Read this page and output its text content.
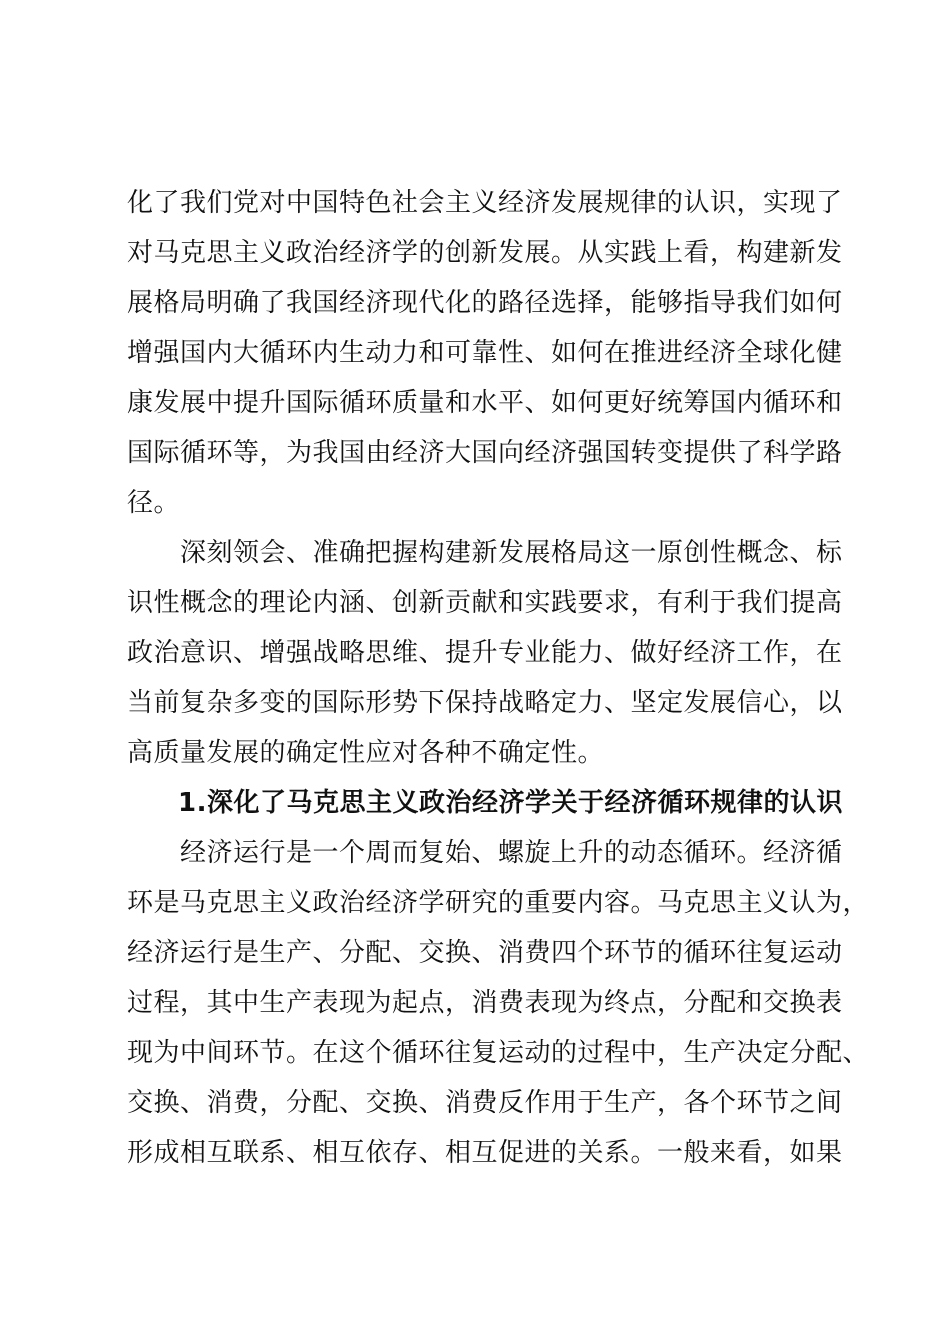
化了我们党对中国特色社会主义经济发展规律的认识，实现了
对马克思主义政治经济学的创新发展。从实践上看，构建新发
展格局明确了我国经济现代化的路径选择，能够指导我们如何
增强国内大循环内生动力和可靠性、如何在推进经济全球化健
康发展中提升国际循环质量和水平、如何更好统筹国内循环和
国际循环等，为我国由经济大国向经济强国转变提供了科学路
径。
　　深刻领会、准确把握构建新发展格局这一原创性概念、标
识性概念的理论内涵、创新贡献和实践要求，有利于我们提高
政治意识、增强战略思维、提升专业能力、做好经济工作，在
当前复杂多变的国际形势下保持战略定力、坚定发展信心，以
高质量发展的确定性应对各种不确定性。
1.深化了马克思主义政治经济学关于经济循环规律的认识
　　经济运行是一个周而复始、螺旋上升的动态循环。经济循
环是马克思主义政治经济学研究的重要内容。马克思主义认为，
经济运行是生产、分配、交换、消费四个环节的循环往复运动
过程，其中生产表现为起点，消费表现为终点，分配和交换表
现为中间环节。在这个循环往复运动的过程中，生产决定分配、
交换、消费，分配、交换、消费反作用于生产，各个环节之间
形成相互联系、相互依存、相互促进的关系。一般来看，如果
